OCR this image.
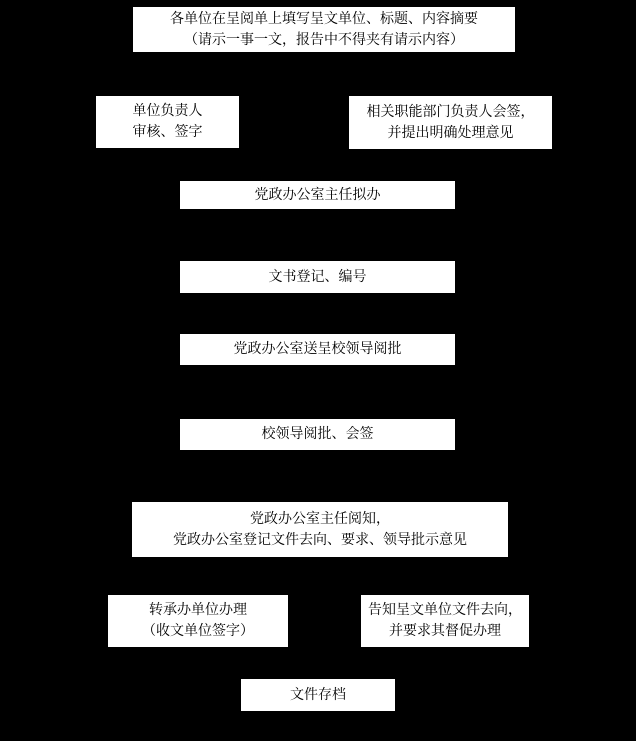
各单位在呈阅单上填写呈文单位、标题、内容摘要
（请示一事一文，报告中不得夹有请示内容）
单位负责人
审核、签字
相关职能部门负责人会签，
并提出明确处理意见
党政办公室主任拟办
文书登记、编号
党政办公室送呈校领导阅批
校领导阅批、会签
党政办公室主任阅知，
党政办公室登记文件去向、要求、领导批示意见
转承办单位办理
（收文单位签字）
告知呈文单位文件去向，
并要求其督促办理
文件存档
